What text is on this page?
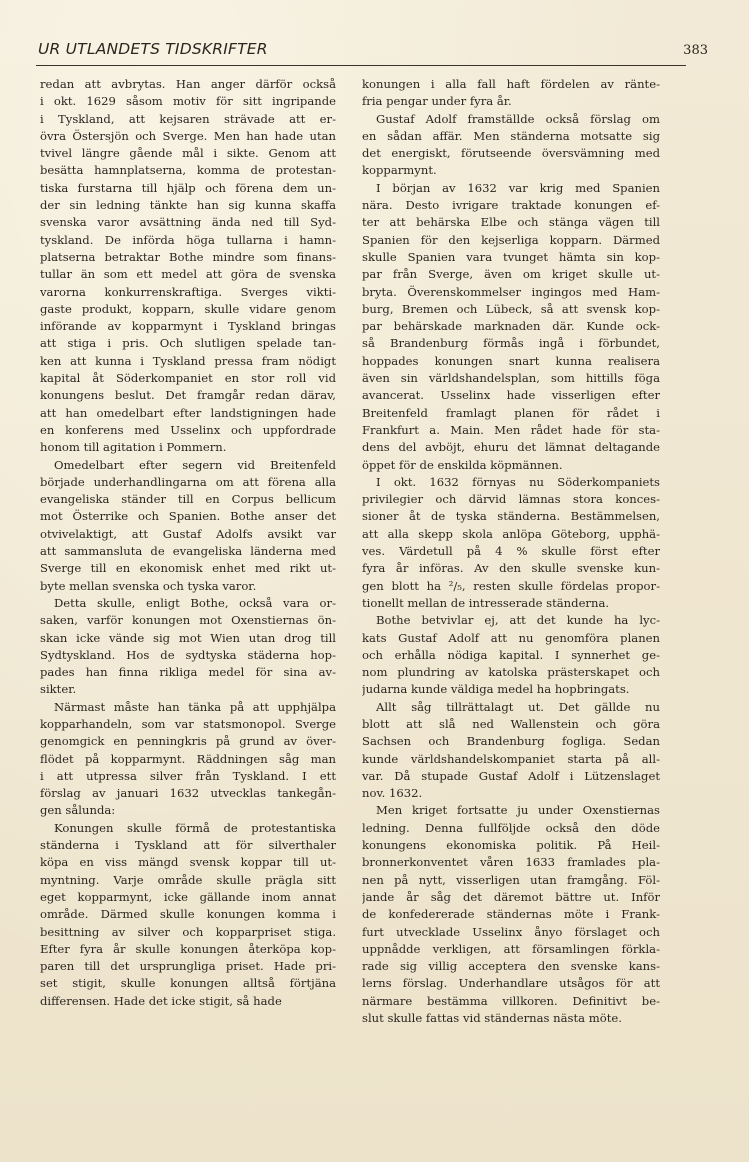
UR UTLANDETS TIDSKRIFTER	383

redan att avbrytas. Han anger därför också
i okt. 1629 såsom motiv för sitt ingripande
i Tyskland, att kejsaren strävade att er-
övra Östersjön och Sverge. Men han hade utan
tvivel längre gående mål i sikte. Genom att
besätta hamnplatserna, komma de protestan-
tiska furstarna till hjälp och förena dem un-
der sin ledning tänkte han sig kunna skaffa
svenska varor avsättning ända ned till Syd-
tyskland. De införda höga tullarna i hamn-
platserna betraktar Bothe mindre som finans-
tullar än som ett medel att göra de svenska
varorna konkurrenskraftiga. Sverges vikti-
gaste produkt, kopparn, skulle vidare genom
införande av kopparmynt i Tyskland bringas
att stiga i pris. Och slutligen spelade tan-
ken att kunna i Tyskland pressa fram nödigt
kapital åt Söderkompaniet en stor roll vid
konungens beslut. Det framgår redan därav,
att han omedelbart efter landstigningen hade
en konferens med Usselinx och uppfordrade
honom till agitation i Pommern.

Omedelbart efter segern vid Breitenfeld
började underhandlingarna om att förena alla
evangeliska ständer till en Corpus bellicum
mot Österrike och Spanien. Bothe anser det
otvivelaktigt, att Gustaf Adolfs avsikt var
att sammansluta de evangeliska länderna med
Sverge till en ekonomisk enhet med rikt ut-
byte mellan svenska och tyska varor.

Detta skulle, enligt Bothe, också vara or-
saken, varför konungen mot Oxenstiernas ön-
skan icke vände sig mot Wien utan drog till
Sydtyskland. Hos de sydtyska städerna hop-
pades han finna rikliga medel för sina av-
sikter.

Närmast måste han tänka på att upphjälpa
kopparhandeln, som var statsmonopol. Sverge
genomgick en penningkris på grund av över-
flödet på kopparmynt. Räddningen såg man
i att utpressa silver från Tyskland. I ett
förslag av januari 1632 utvecklas tankegån-
gen sålunda:

Konungen skulle förmå de protestantiska
ständerna i Tyskland att för silverthaler
köpa en viss mängd svensk koppar till ut-
myntning. Varje område skulle prägla sitt
eget kopparmynt, icke gällande inom annat
område. Därmed skulle konungen komma i
besittning av silver och kopparpriset stiga.
Efter fyra år skulle konungen återköpa kop-
paren till det ursprungliga priset. Hade pri-
set stigit, skulle konungen alltså förtjäna
differensen. Hade det icke stigit, så hade

konungen i alla fall haft fördelen av ränte-
fria pengar under fyra år.

Gustaf Adolf framställde också förslag om
en sådan affär. Men ständerna motsatte sig
det energiskt, förutseende översvämning med
kopparmynt.

I början av 1632 var krig med Spanien
nära. Desto ivrigare traktade konungen ef-
ter att behärska Elbe och stänga vägen till
Spanien för den kejserliga kopparn. Därmed
skulle Spanien vara tvunget hämta sin kop-
par från Sverge, även om kriget skulle ut-
bryta. Överenskommelser ingingos med Ham-
burg, Bremen och Lübeck, så att svensk kop-
par behärskade marknaden där. Kunde ock-
så Brandenburg förmås ingå i förbundet,
hoppades konungen snart kunna realisera
även sin världshandelsplan, som hittills föga
avancerat. Usselinx hade visserligen efter
Breitenfeld framlagt planen för rådet i
Frankfurt a. Main. Men rådet hade för sta-
dens del avböjt, ehuru det lämnat deltagande
öppet för de enskilda köpmännen.

I okt. 1632 förnyas nu Söderkompaniets
privilegier och därvid lämnas stora konces-
sioner åt de tyska ständerna. Bestämmelsen,
att alla skepp skola anlöpa Göteborg, upphä-
ves. Värdetull på 4 % skulle först efter
fyra år införas. Av den skulle svenske kun-
gen blott ha ²/₅, resten skulle fördelas propor-
tionellt mellan de intresserade ständerna.

Bothe betvivlar ej, att det kunde ha lyc-
kats Gustaf Adolf att nu genomföra planen
och erhålla nödiga kapital. I synnerhet ge-
nom plundring av katolska prästerskapet och
judarna kunde väldiga medel ha hopbringats.

Allt såg tillrättalagt ut. Det gällde nu
blott att slå ned Wallenstein och göra
Sachsen och Brandenburg fogliga. Sedan
kunde världshandelskompaniet starta på all-
var. Då stupade Gustaf Adolf i Lützenslaget
nov. 1632.

Men kriget fortsatte ju under Oxenstiernas
ledning. Denna fullföljde också den döde
konungens ekonomiska politik. På Heil-
bronnerkonventet våren 1633 framlades pla-
nen på nytt, visserligen utan framgång. Föl-
jande år såg det däremot bättre ut. Inför
de konfedererade ständernas möte i Frank-
furt utvecklade Usselinx ånyo förslaget och
uppnådde verkligen, att församlingen förkla-
rade sig villig acceptera den svenske kans-
lerns förslag. Underhandlare utsågos för att
närmare bestämma villkoren. Definitivt be-
slut skulle fattas vid ständernas nästa möte.
